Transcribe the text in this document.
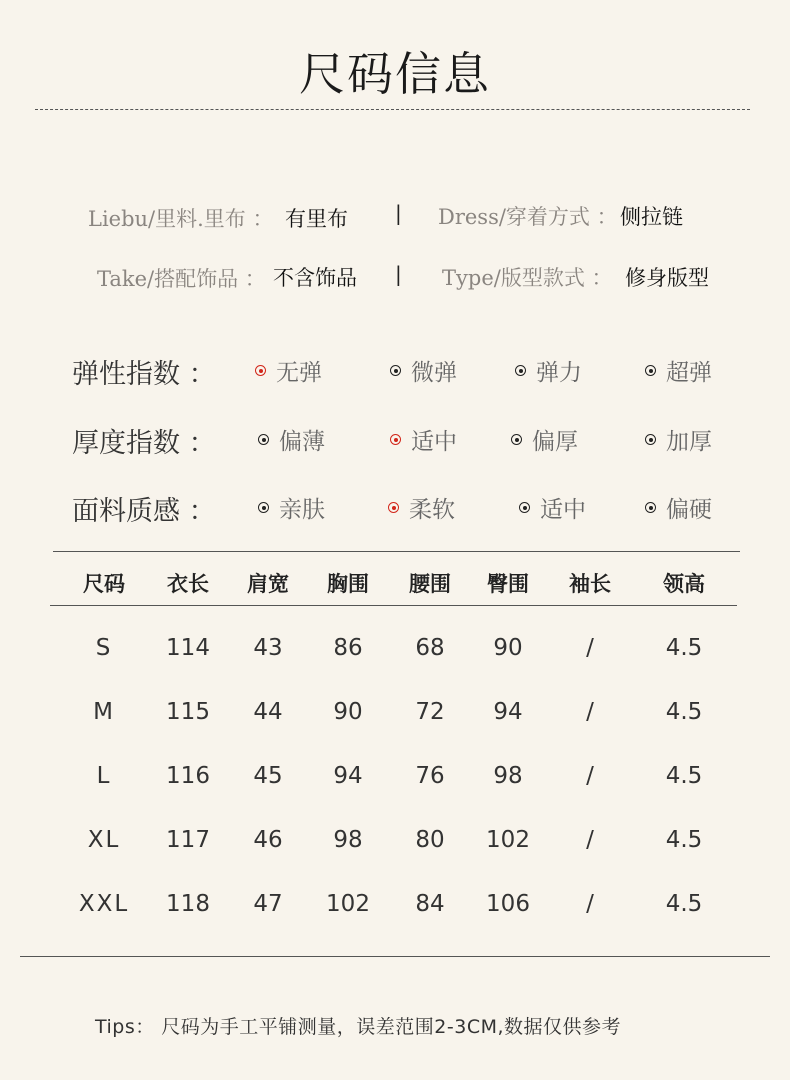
尺码信息
Liebu/里料.里布 ： 有里布 | Dress/穿着方式 ： 侧拉链
Take/搭配饰品 ： 不含饰品 | Type/版型款式 ： 修身版型
弹性指数 ：	无弹	微弹	弹力	超弹
厚度指数 ：	偏薄	适中	偏厚	加厚
面料质感 ：	亲肤	柔软	适中	偏硬
尺码 衣长 肩宽 胸围 腰围 臀围 袖长 领高
S 114 43 86 68 90	/	4.5
M 115 44 90 72 94	/	4.5
L 116 45 94 76 98	/	4.5
XL 117 46 98 80 102 /	4.5
XXL 118 47 102 84 106 /	4.5
Tips： 尺码为手工平铺测量，误差范围2-3CM,数据仅供参考
